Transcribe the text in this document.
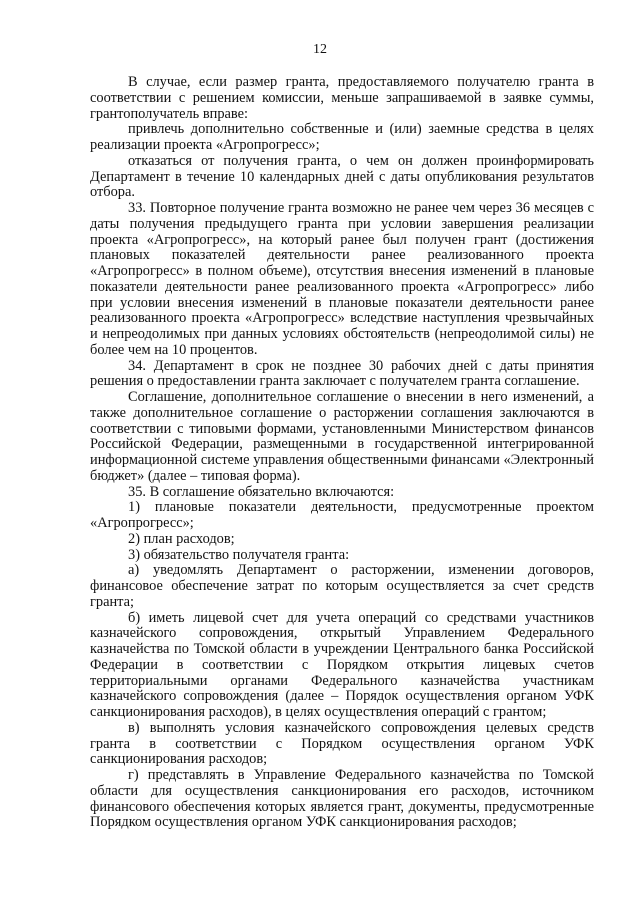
12

В случае, если размер гранта, предоставляемого получателю гранта в соответствии с решением комиссии, меньше запрашиваемой в заявке суммы, грантополучатель вправе:

привлечь дополнительно собственные и (или) заемные средства в целях реализации проекта «Агропрогресс»;

отказаться от получения гранта, о чем он должен проинформировать Департамент в течение 10 календарных дней с даты опубликования результатов отбора.

33. Повторное получение гранта возможно не ранее чем через 36 месяцев с даты получения предыдущего гранта при условии завершения реализации проекта «Агропрогресс», на который ранее был получен грант (достижения плановых показателей деятельности ранее реализованного проекта «Агропрогресс» в полном объеме), отсутствия внесения изменений в плановые показатели деятельности ранее реализованного проекта «Агропрогресс» либо при условии внесения изменений в плановые показатели деятельности ранее реализованного проекта «Агропрогресс» вследствие наступления чрезвычайных и непреодолимых при данных условиях обстоятельств (непреодолимой силы) не более чем на 10 процентов.

34. Департамент в срок не позднее 30 рабочих дней с даты принятия решения о предоставлении гранта заключает с получателем гранта соглашение.

Соглашение, дополнительное соглашение о внесении в него изменений, а также дополнительное соглашение о расторжении соглашения заключаются в соответствии с типовыми формами, установленными Министерством финансов Российской Федерации, размещенными в государственной интегрированной информационной системе управления общественными финансами «Электронный бюджет» (далее – типовая форма).

35. В соглашение обязательно включаются:

1) плановые показатели деятельности, предусмотренные проектом «Агропрогресс»;

2) план расходов;

3) обязательство получателя гранта:

а) уведомлять Департамент о расторжении, изменении договоров, финансовое обеспечение затрат по которым осуществляется за счет средств гранта;

б) иметь лицевой счет для учета операций со средствами участников казначейского сопровождения, открытый Управлением Федерального казначейства по Томской области в учреждении Центрального банка Российской Федерации в соответствии с Порядком открытия лицевых счетов территориальными органами Федерального казначейства участникам казначейского сопровождения (далее – Порядок осуществления органом УФК санкционирования расходов), в целях осуществления операций с грантом;

в) выполнять условия казначейского сопровождения целевых средств гранта в соответствии с Порядком осуществления органом УФК санкционирования расходов;

г) представлять в Управление Федерального казначейства по Томской области для осуществления санкционирования его расходов, источником финансового обеспечения которых является грант, документы, предусмотренные Порядком осуществления органом УФК санкционирования расходов;
